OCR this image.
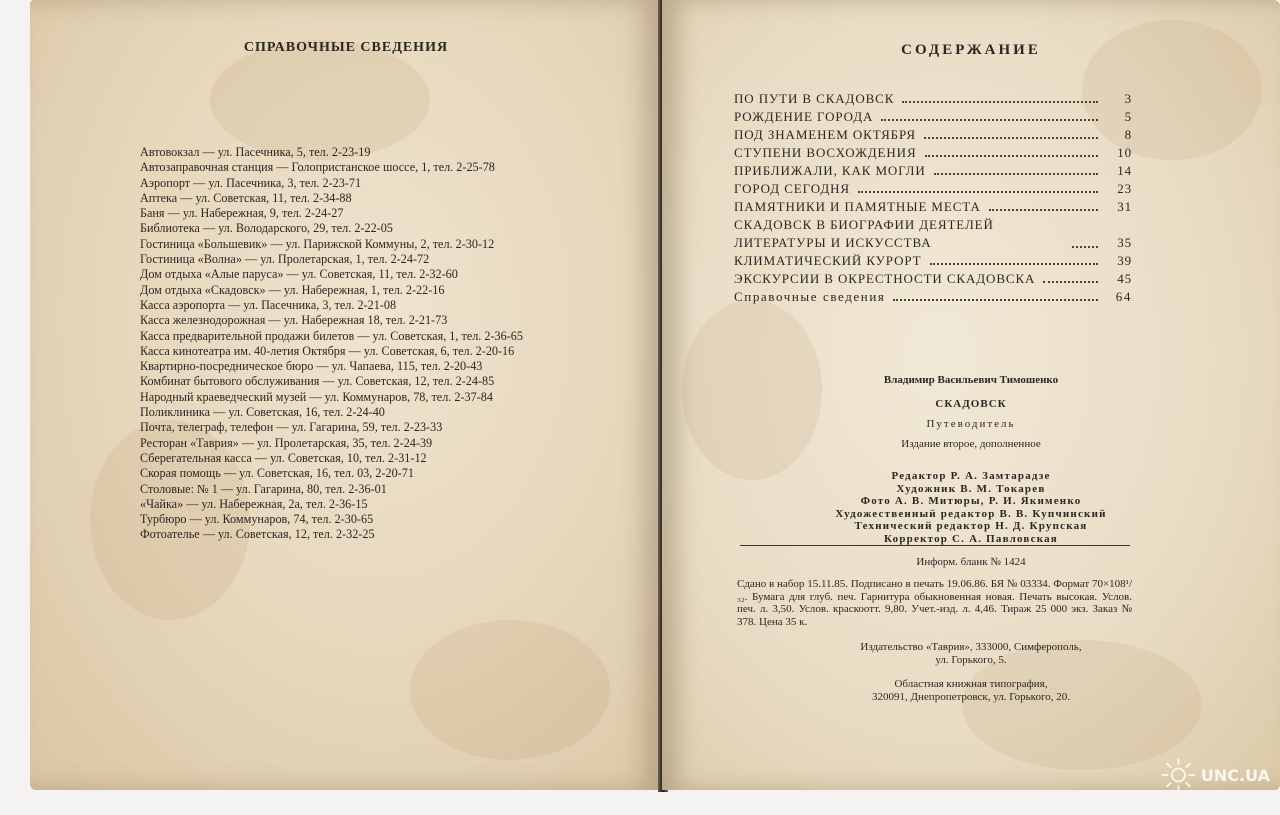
СПРАВОЧНЫЕ СВЕДЕНИЯ
Автовокзал — ул. Пасечника, 5, тел. 2-23-19
Автозаправочная станция — Голопристанское шоссе, 1, тел. 2-25-78
Аэропорт — ул. Пасечника, 3, тел. 2-23-71
Аптека — ул. Советская, 11, тел. 2-34-88
Баня — ул. Набережная, 9, тел. 2-24-27
Библиотека — ул. Володарского, 29, тел. 2-22-05
Гостиница «Большевик» — ул. Парижской Коммуны, 2, тел. 2-30-12
Гостиница «Волна» — ул. Пролетарская, 1, тел. 2-24-72
Дом отдыха «Алые паруса» — ул. Советская, 11, тел. 2-32-60
Дом отдыха «Скадовск» — ул. Набережная, 1, тел. 2-22-16
Касса аэропорта — ул. Пасечника, 3, тел. 2-21-08
Касса железнодорожная — ул. Набережная 18, тел. 2-21-73
Касса предварительной продажи билетов — ул. Советская, 1, тел. 2-36-65
Касса кинотеатра им. 40-летия Октября — ул. Советская, 6, тел. 2-20-16
Квартирно-посредническое бюро — ул. Чапаева, 115, тел. 2-20-43
Комбинат бытового обслуживания — ул. Советская, 12, тел. 2-24-85
Народный краеведческий музей — ул. Коммунаров, 78, тел. 2-37-84
Поликлиника — ул. Советская, 16, тел. 2-24-40
Почта, телеграф, телефон — ул. Гагарина, 59, тел. 2-23-33
Ресторан «Таврия» — ул. Пролетарская, 35, тел. 2-24-39
Сберегательная касса — ул. Советская, 10, тел. 2-31-12
Скорая помощь — ул. Советская, 16, тел. 03, 2-20-71
Столовые: № 1 — ул. Гагарина, 80, тел. 2-36-01
«Чайка» — ул. Набережная, 2а, тел. 2-36-15
Турбюро — ул. Коммунаров, 74, тел. 2-30-65
Фотоателье — ул. Советская, 12, тел. 2-32-25
СОДЕРЖАНИЕ
ПО ПУТИ В СКАДОВСК	3
РОЖДЕНИЕ ГОРОДА	5
ПОД ЗНАМЕНЕМ ОКТЯБРЯ	8
СТУПЕНИ ВОСХОЖДЕНИЯ	10
ПРИБЛИЖАЛИ, КАК МОГЛИ	14
ГОРОД СЕГОДНЯ	23
ПАМЯТНИКИ И ПАМЯТНЫЕ МЕСТА	31
СКАДОВСК В БИОГРАФИИ ДЕЯТЕЛЕЙ ЛИТЕРАТУРЫ И ИСКУССТВА	35
КЛИМАТИЧЕСКИЙ КУРОРТ	39
ЭКСКУРСИИ В ОКРЕСТНОСТИ СКАДОВСКА	45
Справочные сведения	64
Владимир Васильевич Тимошенко
СКАДОВСК
Путеводитель
Издание второе, дополненное
Редактор Р. А. Замтарадзе
Художник В. М. Токарев
Фото А. В. Митюры, Р. И. Якименко
Художественный редактор В. В. Купчинский
Технический редактор Н. Д. Крупская
Корректор С. А. Павловская
Информ. бланк № 1424
Сдано в набор 15.11.85. Подписано в печать 19.06.86. БЯ № 03334. Формат 70×108¹/₃₂. Бумага для глуб. печ. Гарнитура обыкновенная новая. Печать высокая. Услов. печ. л. 3,50. Услов. краскоотт. 9,80. Учет.-изд. л. 4,46. Тираж 25 000 экз. Заказ № 378. Цена 35 к.
Издательство «Таврия», 333000, Симферополь,
ул. Горького, 5.
Областная книжная типография,
320091, Днепропетровск, ул. Горького, 20.
UNC.UA
